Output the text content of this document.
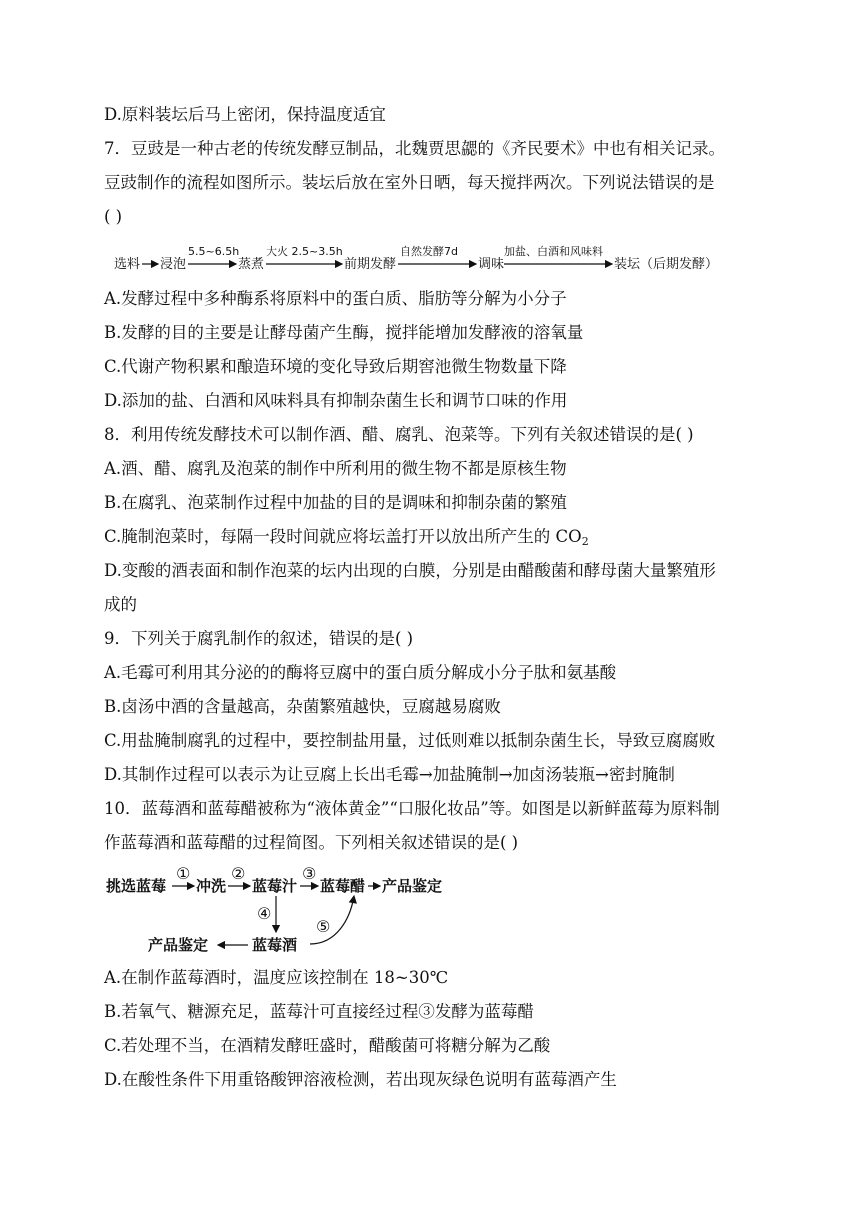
D.原料装坛后马上密闭，保持温度适宜
7．豆豉是一种古老的传统发酵豆制品，北魏贾思勰的《齐民要术》中也有相关记录。
豆豉制作的流程如图所示。装坛后放在室外日晒，每天搅拌两次。下列说法错误的是
( )
选料 浸泡
5.5~6.5h
蒸煮
大火 2.5~3.5h
前期发酵
自然发酵7d
调味
加盐、白酒和风味料
装坛（后期发酵）
A.发酵过程中多种酶系将原料中的蛋白质、脂肪等分解为小分子
B.发酵的目的主要是让酵母菌产生酶，搅拌能增加发酵液的溶氧量
C.代谢产物积累和酿造环境的变化导致后期窖池微生物数量下降
D.添加的盐、白酒和风味料具有抑制杂菌生长和调节口味的作用
8．利用传统发酵技术可以制作酒、醋、腐乳、泡菜等。下列有关叙述错误的是( )
A.酒、醋、腐乳及泡菜的制作中所利用的微生物不都是原核生物
B.在腐乳、泡菜制作过程中加盐的目的是调味和抑制杂菌的繁殖
C.腌制泡菜时，每隔一段时间就应将坛盖打开以放出所产生的 $CO_2$
D.变酸的酒表面和制作泡菜的坛内出现的白膜，分别是由醋酸菌和酵母菌大量繁殖形
成的
9．下列关于腐乳制作的叙述，错误的是( )
A.毛霉可利用其分泌的的酶将豆腐中的蛋白质分解成小分子肽和氨基酸
B.卤汤中酒的含量越高，杂菌繁殖越快，豆腐越易腐败
C.用盐腌制腐乳的过程中，要控制盐用量，过低则难以抵制杂菌生长，导致豆腐腐败
D.其制作过程可以表示为让豆腐上长出毛霉→加盐腌制→加卤汤装瓶→密封腌制
10．蓝莓酒和蓝莓醋被称为“液体黄金”“口服化妆品”等。如图是以新鲜蓝莓为原料制
作蓝莓酒和蓝莓醋的过程简图。下列相关叙述错误的是( )
挑选蓝莓
①
冲洗
②
蓝莓汁
③
蓝莓醋 产品鉴定
④
⑤
蓝莓酒
产品鉴定
A.在制作蓝莓酒时，温度应该控制在 18~30℃
B.若氧气、糖源充足，蓝莓汁可直接经过程③发酵为蓝莓醋
C.若处理不当，在酒精发酵旺盛时，醋酸菌可将糖分解为乙酸
D.在酸性条件下用重铬酸钾溶液检测，若出现灰绿色说明有蓝莓酒产生
